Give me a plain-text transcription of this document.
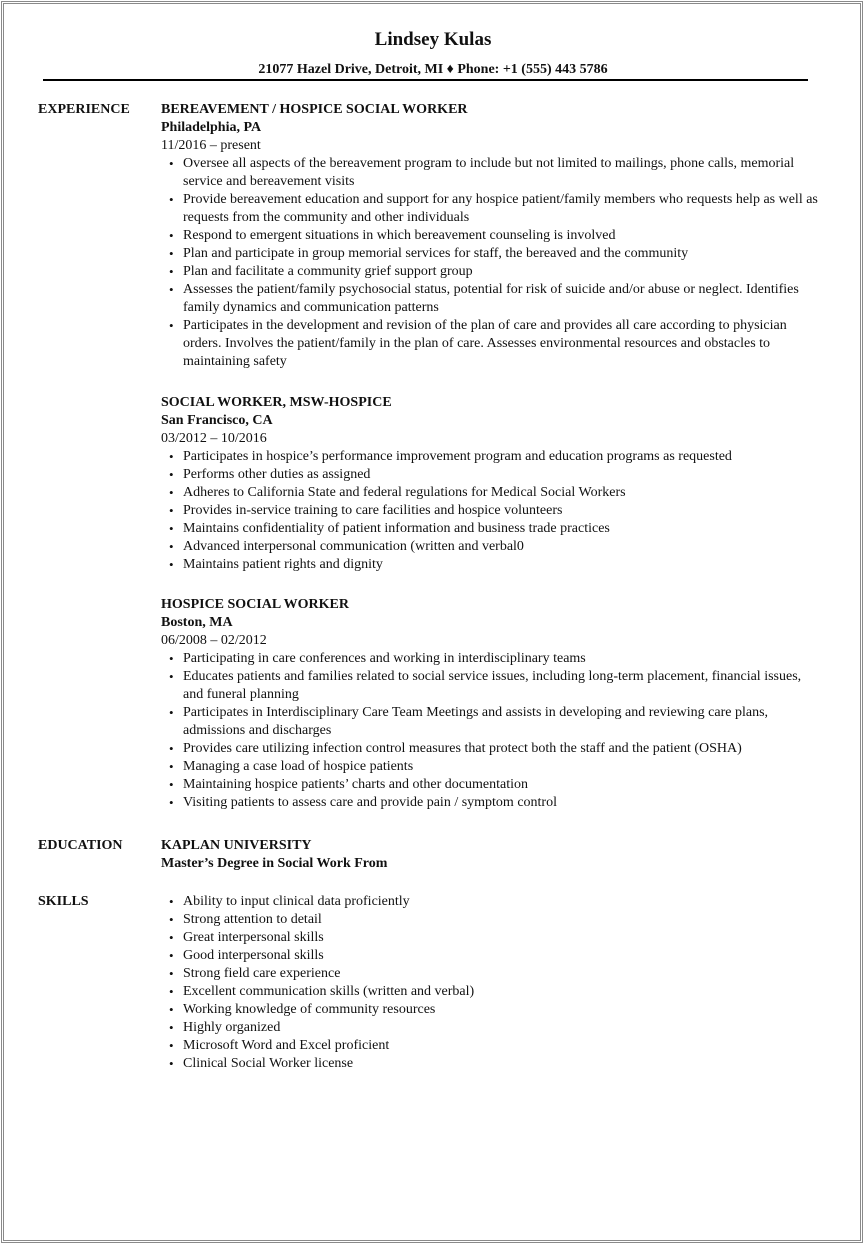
Lindsey Kulas
21077 Hazel Drive, Detroit, MI ♦ Phone: +1 (555) 443 5786
EXPERIENCE BEREAVEMENT / HOSPICE SOCIAL WORKER
Philadelphia, PA
11/2016 – present
• Oversee all aspects of the bereavement program to include but not limited to mailings, phone calls, memorial service and bereavement visits
• Provide bereavement education and support for any hospice patient/family members who requests help as well as requests from the community and other individuals
• Respond to emergent situations in which bereavement counseling is involved
• Plan and participate in group memorial services for staff, the bereaved and the community
• Plan and facilitate a community grief support group
• Assesses the patient/family psychosocial status, potential for risk of suicide and/or abuse or neglect. Identifies family dynamics and communication patterns
• Participates in the development and revision of the plan of care and provides all care according to physician orders. Involves the patient/family in the plan of care. Assesses environmental resources and obstacles to maintaining safety
SOCIAL WORKER, MSW-HOSPICE
San Francisco, CA
03/2012 – 10/2016
• Participates in hospice’s performance improvement program and education programs as requested
• Performs other duties as assigned
• Adheres to California State and federal regulations for Medical Social Workers
• Provides in-service training to care facilities and hospice volunteers
• Maintains confidentiality of patient information and business trade practices
• Advanced interpersonal communication (written and verbal0
• Maintains patient rights and dignity
HOSPICE SOCIAL WORKER
Boston, MA
06/2008 – 02/2012
• Participating in care conferences and working in interdisciplinary teams
• Educates patients and families related to social service issues, including long-term placement, financial issues, and funeral planning
• Participates in Interdisciplinary Care Team Meetings and assists in developing and reviewing care plans, admissions and discharges
• Provides care utilizing infection control measures that protect both the staff and the patient (OSHA)
• Managing a case load of hospice patients
• Maintaining hospice patients’ charts and other documentation
• Visiting patients to assess care and provide pain / symptom control
EDUCATION	KAPLAN UNIVERSITY
Master’s Degree in Social Work From
SKILLS	• Ability to input clinical data proficiently
• Strong attention to detail
• Great interpersonal skills
• Good interpersonal skills
• Strong field care experience
• Excellent communication skills (written and verbal)
• Working knowledge of community resources
• Highly organized
• Microsoft Word and Excel proficient
• Clinical Social Worker license
